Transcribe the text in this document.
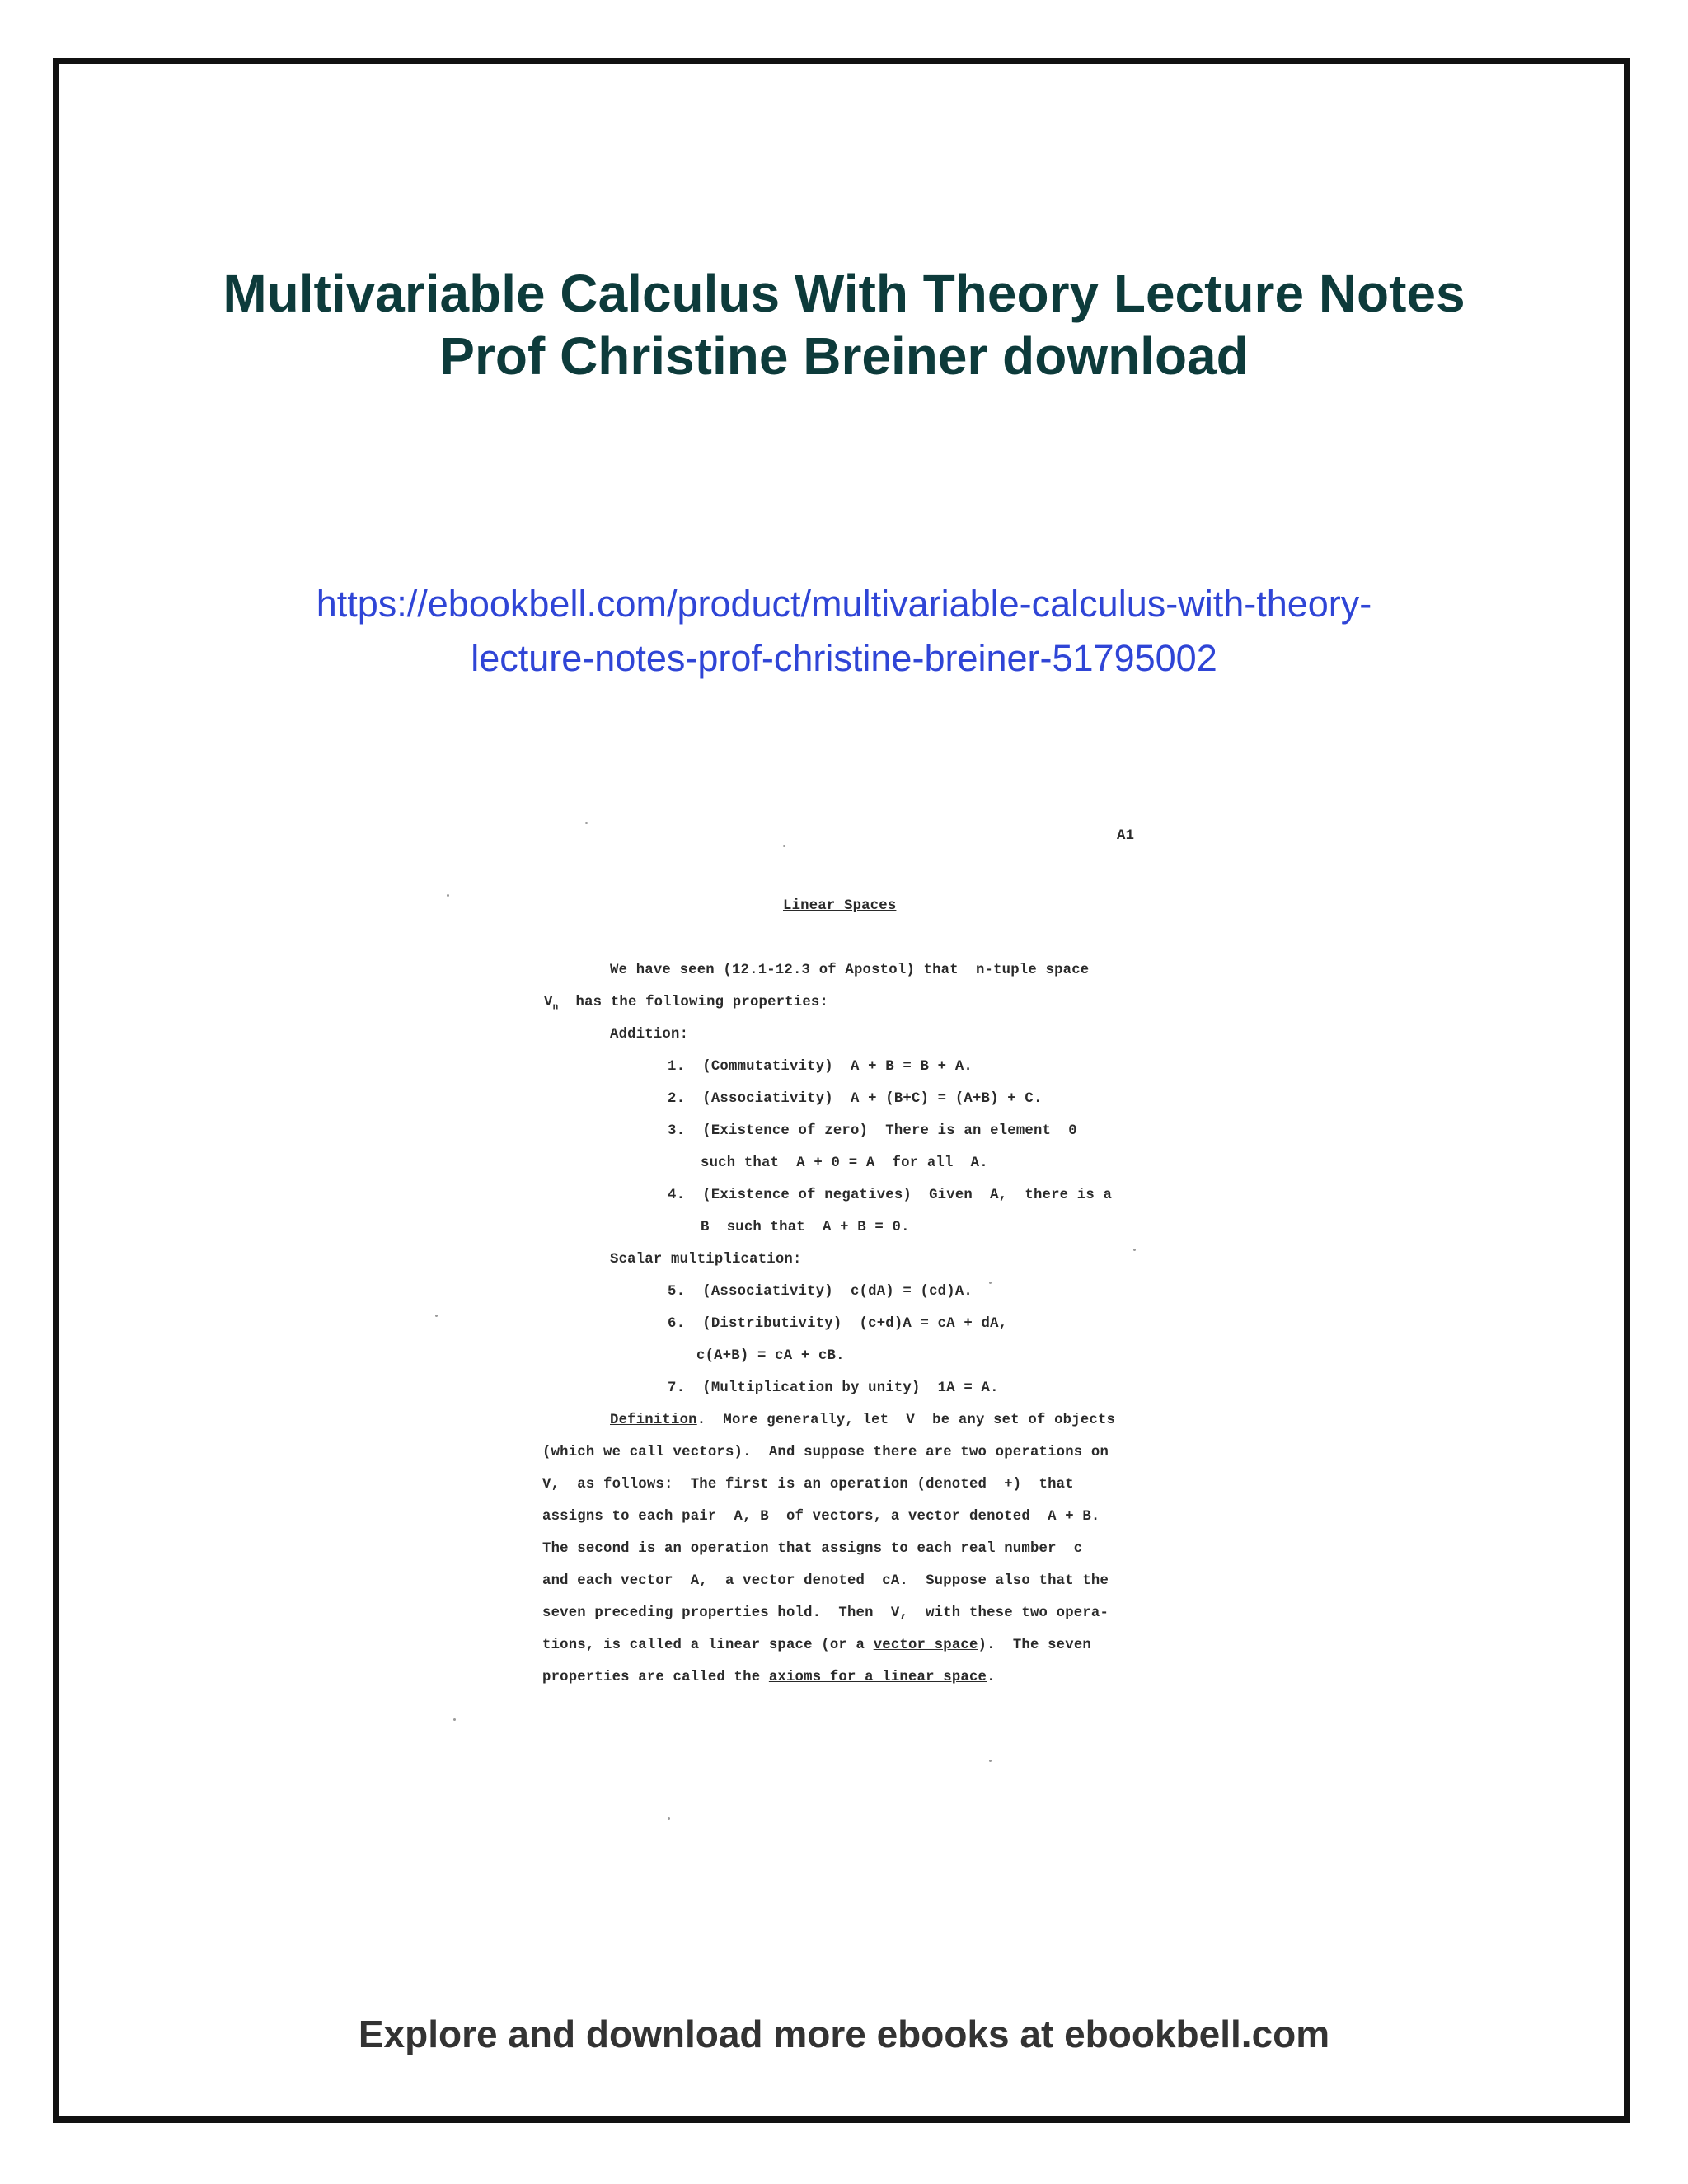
Multivariable Calculus With Theory Lecture Notes
Prof Christine Breiner download
https://ebookbell.com/product/multivariable-calculus-with-theory-
lecture-notes-prof-christine-breiner-51795002
A1
Linear Spaces
We have seen (12.1-12.3 of Apostol) that  n-tuple space
$V_n$  has the following properties:
Addition:
1.  (Commutativity)  A + B = B + A.
2.  (Associativity)  A + (B+C) = (A+B) + C.
3.  (Existence of zero)  There is an element  0
such that  A + 0 = A  for all  A.
4.  (Existence of negatives)  Given  A,  there is a
B  such that  A + B = 0.
Scalar multiplication:
5.  (Associativity)  c(dA) = (cd)A.
6.  (Distributivity)  (c+d)A = cA + dA,
c(A+B) = cA + cB.
7.  (Multiplication by unity)  1A = A.
Definition.  More generally, let  V  be any set of objects
(which we call vectors).  And suppose there are two operations on
V,  as follows:  The first is an operation (denoted  +)  that
assigns to each pair  A, B  of vectors, a vector denoted  A + B.
The second is an operation that assigns to each real number  c
and each vector  A,  a vector denoted  cA.  Suppose also that the
seven preceding properties hold.  Then  V,  with these two opera-
tions, is called a linear space (or a vector space).  The seven
properties are called the axioms for a linear space.
Explore and download more ebooks at ebookbell.com
